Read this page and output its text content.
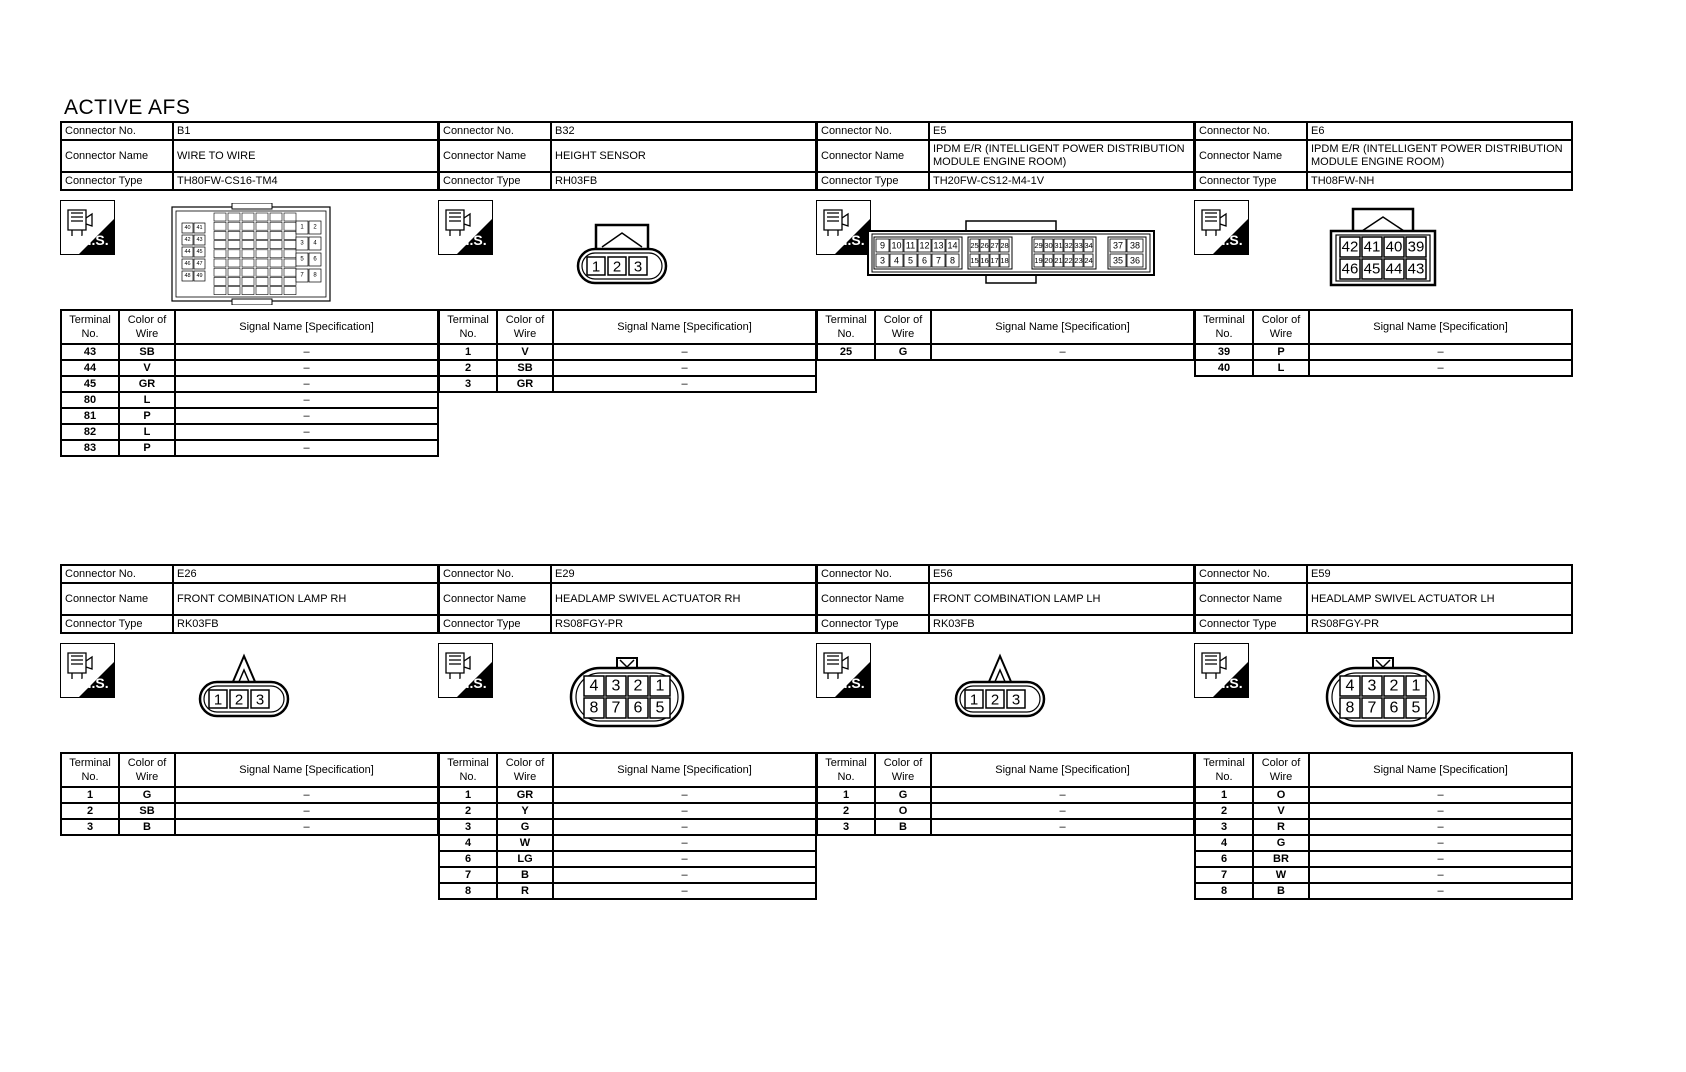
ACTIVE AFS
Connector No.	B1
Connector Name	WIRE TO WIRE
Connector Type	TH80FW-CS16-TM4
H.S.
40 41
42 43
44 45
46 47
48 49
1 2
3 4
5 6
7 8
Terminal No.	Color of Wire	Signal Name [Specification]
43	SB	–
44	V	–
45	GR	–
80	L	–
81	P	–
82	L	–
83	P	–
Connector No.	B32
Connector Name	HEIGHT SENSOR
Connector Type	RH03FB
H.S.
1 2 3
Terminal No.	Color of Wire	Signal Name [Specification]
1	V	–
2	SB	–
3	GR	–
Connector No.	E5
Connector Name	IPDM E/R (INTELLIGENT POWER DISTRIBUTION MODULE ENGINE ROOM)
Connector Type	TH20FW-CS12-M4-1V
H.S. 9
3
10
4
11
5
12
6
13
7
14
8
25
15
26
16
27
17
28
18
29
19
30
20
31
21
32
22
33
23
34
24
37
35
38
36
Terminal No.	Color of Wire	Signal Name [Specification]
25	G	–
Connector No.	E6
Connector Name	IPDM E/R (INTELLIGENT POWER DISTRIBUTION MODULE ENGINE ROOM)
Connector Type	TH08FW-NH
H.S.	42 41 40 39
46 45 44 43
Terminal No.	Color of Wire	Signal Name [Specification]
39	P	–
40	L	–
Connector No.	E26
Connector Name	FRONT COMBINATION LAMP RH
Connector Type	RK03FB
H.S.
1 2 3
Terminal No.	Color of Wire	Signal Name [Specification]
1	G	–
2	SB	–
3	B	–
Connector No.	E29
Connector Name	HEADLAMP SWIVEL ACTUATOR RH
Connector Type	RS08FGY-PR
H.S.	4 3 2 1
8 7 6 5
Terminal No.	Color of Wire	Signal Name [Specification]
1	GR	–
2	Y	–
3	G	–
4	W	–
6	LG	–
7	B	–
8	R	–
Connector No.	E56
Connector Name	FRONT COMBINATION LAMP LH
Connector Type	RK03FB
H.S.
1 2 3
Terminal No.	Color of Wire	Signal Name [Specification]
1	G	–
2	O	–
3	B	–
Connector No.	E59
Connector Name	HEADLAMP SWIVEL ACTUATOR LH
Connector Type	RS08FGY-PR
H.S.	4 3 2 1
8 7 6 5
Terminal No.	Color of Wire	Signal Name [Specification]
1	O	–
2	V	–
3	R	–
4	G	–
6	BR	–
7	W	–
8	B	–
